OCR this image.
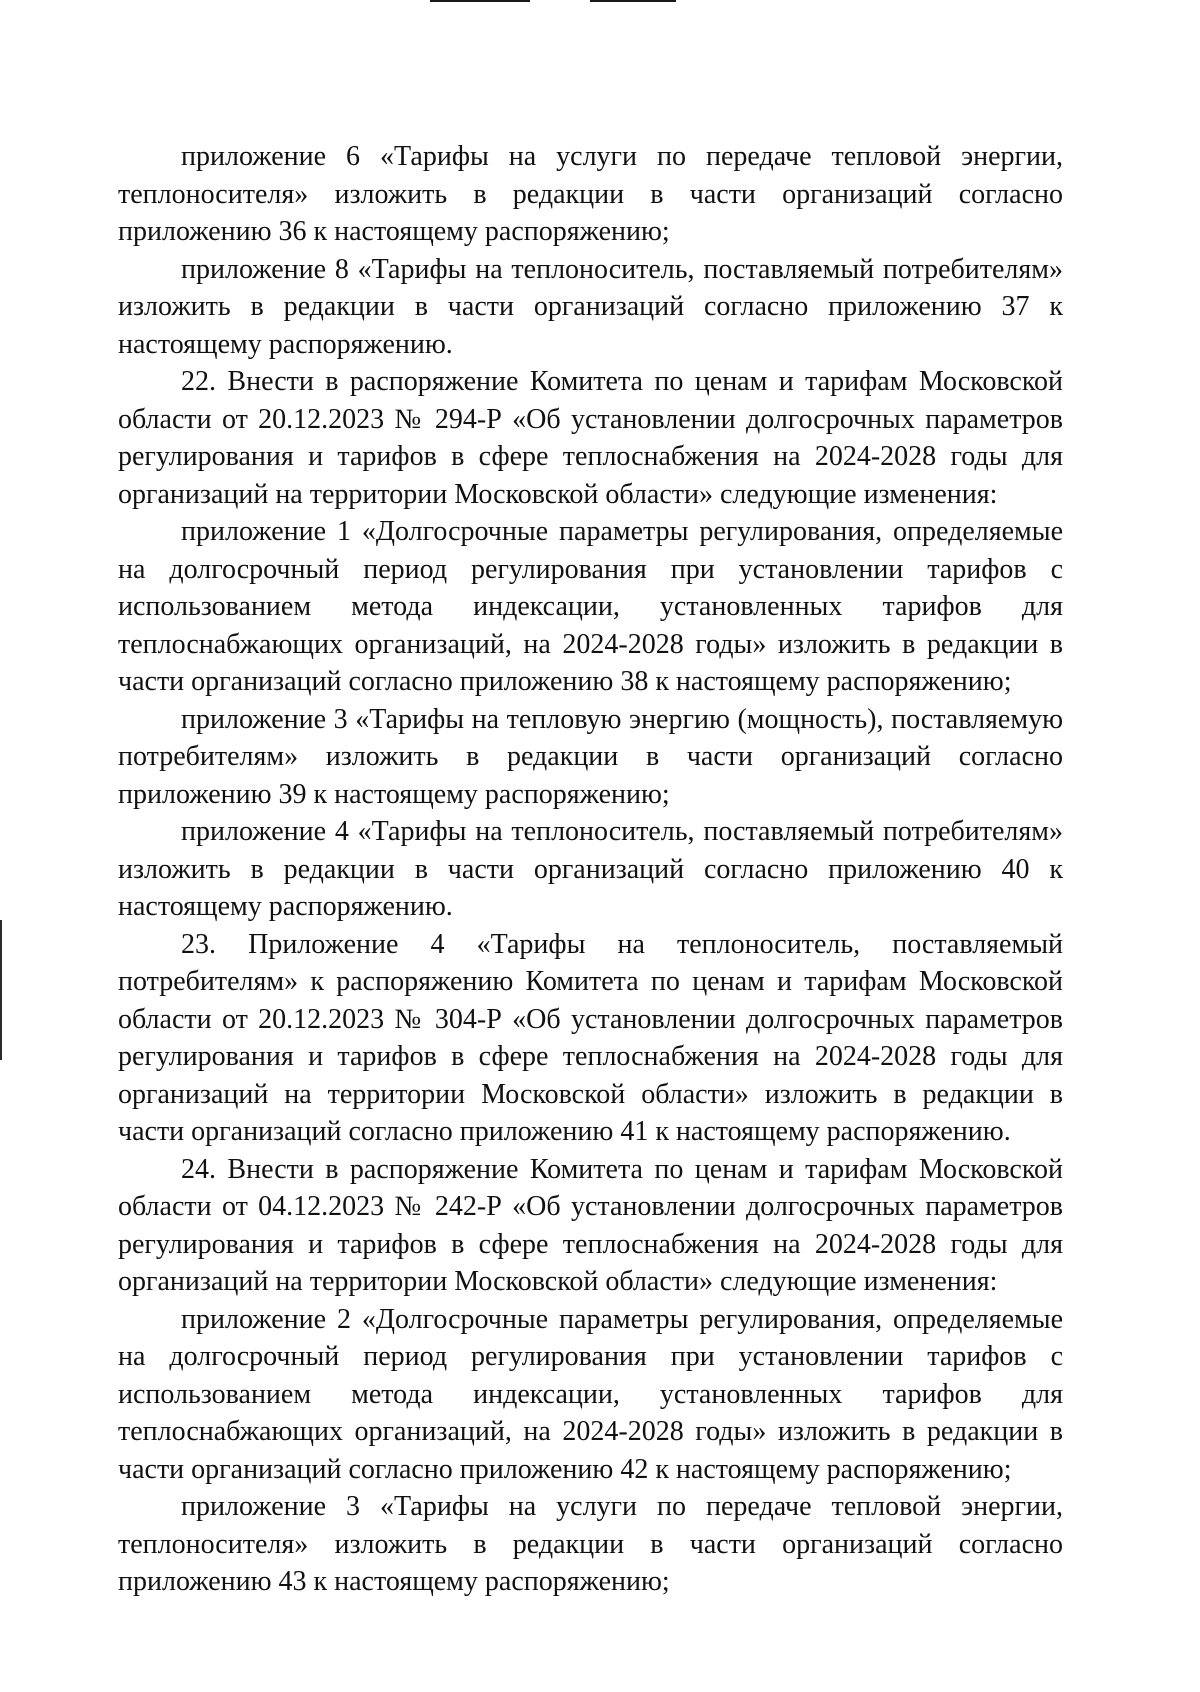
приложение 6 «Тарифы на услуги по передаче тепловой энергии, теплоносителя» изложить в редакции в части организаций согласно приложению 36 к настоящему распоряжению;

приложение 8 «Тарифы на теплоноситель, поставляемый потребителям» изложить в редакции в части организаций согласно приложению 37 к настоящему распоряжению.

22. Внести в распоряжение Комитета по ценам и тарифам Московской области от 20.12.2023 № 294-Р «Об установлении долгосрочных параметров регулирования и тарифов в сфере теплоснабжения на 2024-2028 годы для организаций на территории Московской области» следующие изменения:

приложение 1 «Долгосрочные параметры регулирования, определяемые на долгосрочный период регулирования при установлении тарифов с использованием метода индексации, установленных тарифов для теплоснабжающих организаций, на 2024-2028 годы» изложить в редакции в части организаций согласно приложению 38 к настоящему распоряжению;

приложение 3 «Тарифы на тепловую энергию (мощность), поставляемую потребителям» изложить в редакции в части организаций согласно приложению 39 к настоящему распоряжению;

приложение 4 «Тарифы на теплоноситель, поставляемый потребителям» изложить в редакции в части организаций согласно приложению 40 к настоящему распоряжению.

23. Приложение 4 «Тарифы на теплоноситель, поставляемый потребителям» к распоряжению Комитета по ценам и тарифам Московской области от 20.12.2023 № 304-Р «Об установлении долгосрочных параметров регулирования и тарифов в сфере теплоснабжения на 2024-2028 годы для организаций на территории Московской области» изложить в редакции в части организаций согласно приложению 41 к настоящему распоряжению.

24. Внести в распоряжение Комитета по ценам и тарифам Московской области от 04.12.2023 № 242-Р «Об установлении долгосрочных параметров регулирования и тарифов в сфере теплоснабжения на 2024-2028 годы для организаций на территории Московской области» следующие изменения:

приложение 2 «Долгосрочные параметры регулирования, определяемые на долгосрочный период регулирования при установлении тарифов с использованием метода индексации, установленных тарифов для теплоснабжающих организаций, на 2024-2028 годы» изложить в редакции в части организаций согласно приложению 42 к настоящему распоряжению;

приложение 3 «Тарифы на услуги по передаче тепловой энергии, теплоносителя» изложить в редакции в части организаций согласно приложению 43 к настоящему распоряжению;
